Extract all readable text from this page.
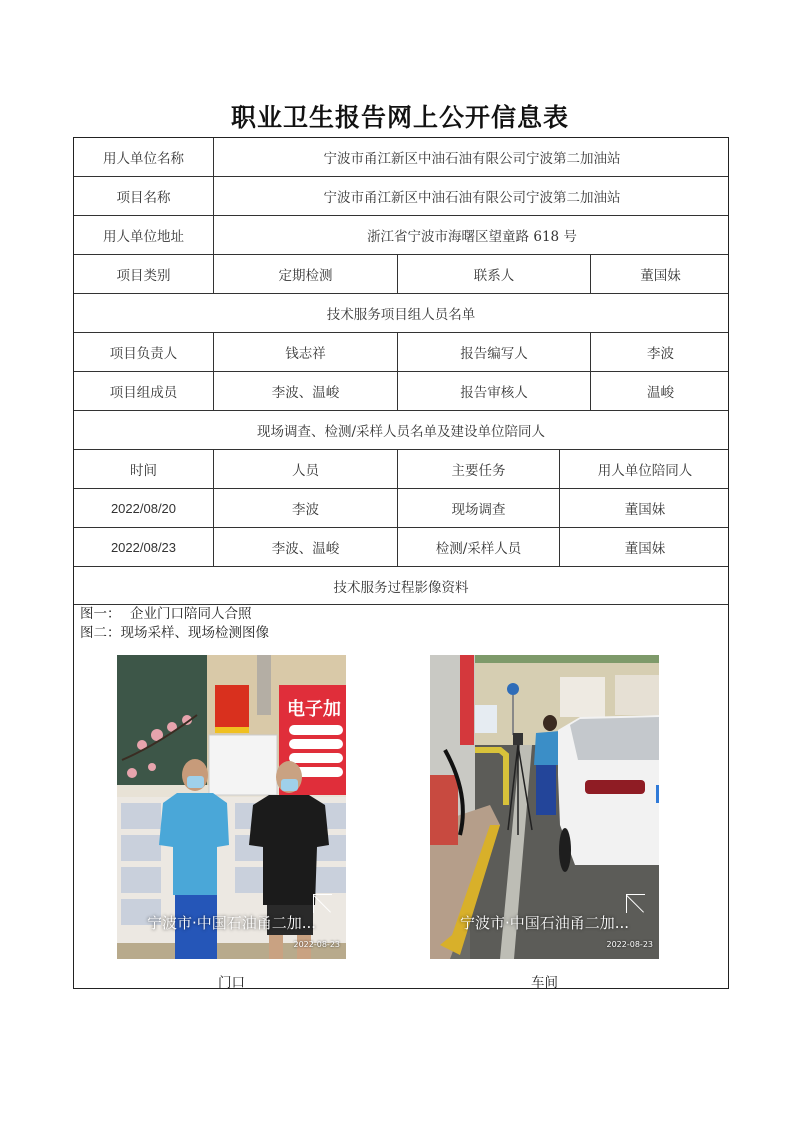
职业卫生报告网上公开信息表
用人单位名称	宁波市甬江新区中油石油有限公司宁波第二加油站
项目名称	宁波市甬江新区中油石油有限公司宁波第二加油站
用人单位地址	浙江省宁波市海曙区望童路 618 号
项目类别	定期检测	联系人	董国妹
技术服务项目组人员名单
项目负责人	钱志祥	报告编写人	李波
项目组成员	李波、温峻	报告审核人	温峻
现场调查、检测/采样人员名单及建设单位陪同人
时间	人员	主要任务	用人单位陪同人
2022/08/20	李波	现场调查	董国妹
2022/08/23	李波、温峻	检测/采样人员	董国妹
技术服务过程影像资料
图一： 企业门口陪同人合照
图二：现场采样、现场检测图像
电子加
宁波市·中国石油甬二加...
2022-08-23
门口
宁波市·中国石油甬二加...
2022-08-23
车间
